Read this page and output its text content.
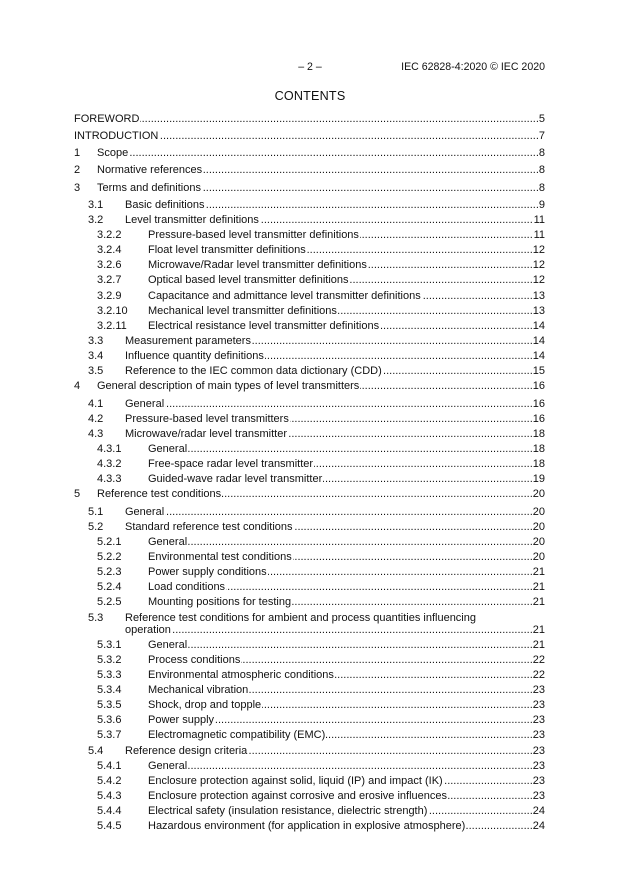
– 2 –	IEC 62828-4:2020 © IEC 2020
CONTENTS
FOREWORD .....	5
INTRODUCTION .....	7
1	Scope .....	8
2	Normative references .....	8
3	Terms and definitions .....	8
3.1	Basic definitions .....	9
3.2	Level transmitter definitions .....	11
3.2.2	Pressure-based level transmitter definitions .....	11
3.2.4	Float level transmitter definitions .....	12
3.2.6	Microwave/Radar level transmitter definitions .....	12
3.2.7	Optical based level transmitter definitions .....	12
3.2.9	Capacitance and admittance level transmitter definitions .....	13
3.2.10	Mechanical level transmitter definitions .....	13
3.2.11	Electrical resistance level transmitter definitions .....	14
3.3	Measurement parameters .....	14
3.4	Influence quantity definitions .....	14
3.5	Reference to the IEC common data dictionary (CDD) .....	15
4	General description of main types of level transmitters .....	16
4.1	General .....	16
4.2	Pressure-based level transmitters .....	16
4.3	Microwave/radar level transmitter .....	18
4.3.1	General .....	18
4.3.2	Free-space radar level transmitter .....	18
4.3.3	Guided-wave radar level transmitter .....	19
5	Reference test conditions .....	20
5.1	General .....	20
5.2	Standard reference test conditions .....	20
5.2.1	General .....	20
5.2.2	Environmental test conditions .....	20
5.2.3	Power supply conditions .....	21
5.2.4	Load conditions .....	21
5.2.5	Mounting positions for testing .....	21
5.3	Reference test conditions for ambient and process quantities influencing operation .....	21
5.3.1	General .....	21
5.3.2	Process conditions .....	22
5.3.3	Environmental atmospheric conditions .....	22
5.3.4	Mechanical vibration .....	23
5.3.5	Shock, drop and topple .....	23
5.3.6	Power supply .....	23
5.3.7	Electromagnetic compatibility (EMC) .....	23
5.4	Reference design criteria .....	23
5.4.1	General .....	23
5.4.2	Enclosure protection against solid, liquid (IP) and impact (IK) .....	23
5.4.3	Enclosure protection against corrosive and erosive influences .....	23
5.4.4	Electrical safety (insulation resistance, dielectric strength) .....	24
5.4.5	Hazardous environment (for application in explosive atmosphere) .....	24
